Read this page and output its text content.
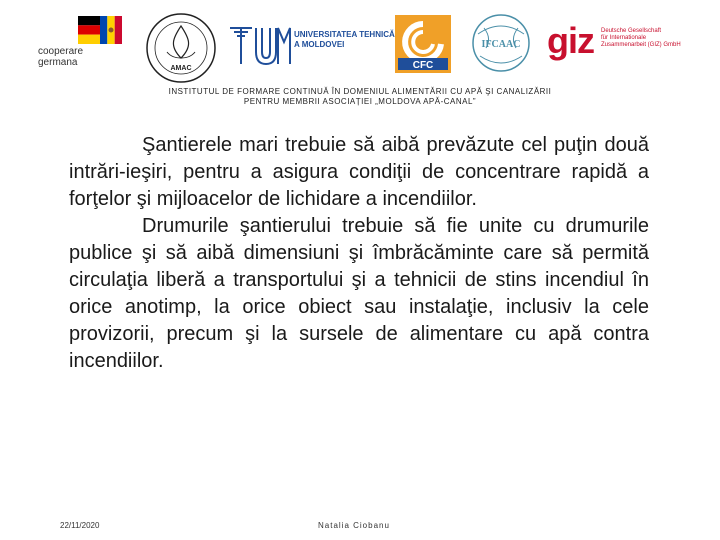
cooperare
germana
AMAC
UNIVERSITATEA TEHNICĂ
A MOLDOVEI
CFC
IFCAAC giz Deutsche Gesellschaft
für Internationale
Zusammenarbeit (GIZ) GmbH
INSTITUTUL DE FORMARE CONTINUĂ ÎN DOMENIUL ALIMENTĂRII CU APĂ ŞI CANALIZĂRII
PENTRU MEMBRII ASOCIAȚIEI „MOLDOVA APĂ-CANAL”

Şantierele mari trebuie să aibă prevăzute cel puţin două intrări-ieşiri, pentru a asigura condiţii de concentrare rapidă a forţelor şi mijloacelor de lichidare a incendiilor.

Drumurile şantierului trebuie să fie unite cu drumurile publice şi să aibă dimensiuni şi îmbrăcăminte care să permită circulaţia liberă a transportului şi a tehnicii de stins incendiul în orice anotimp, la orice obiect sau instalaţie, inclusiv la cele provizorii, precum şi la sursele de alimentare cu apă contra incendiilor.

22/11/2020	Natalia Ciobanu
